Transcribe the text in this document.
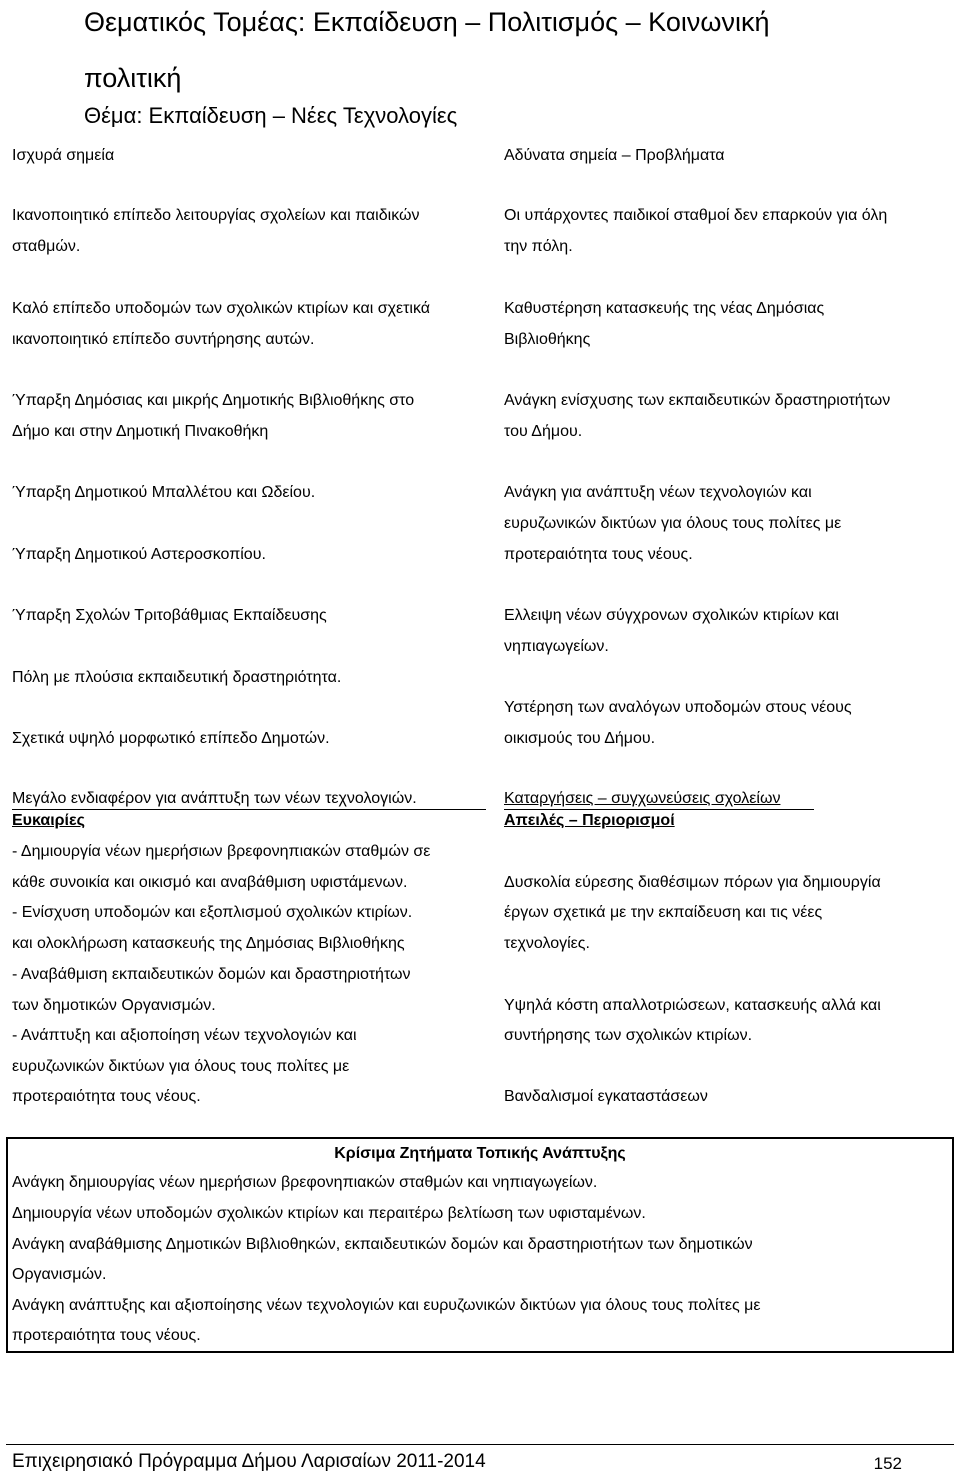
Θεματικός Τομέας: Εκπαίδευση – Πολιτισμός – Κοινωνική
πολιτική
Θέμα: Εκπαίδευση – Νέες Τεχνολογίες
Ισχυρά σημεία
Ικανοποιητικό επίπεδο λειτουργίας σχολείων και παιδικών
σταθμών.
Καλό επίπεδο υποδομών των σχολικών κτιρίων και σχετικά
ικανοποιητικό επίπεδο συντήρησης αυτών.
Ύπαρξη Δημόσιας και μικρής Δημοτικής Βιβλιοθήκης στο
Δήμο και στην Δημοτική Πινακοθήκη
Ύπαρξη Δημοτικού Μπαλλέτου και Ωδείου.
Ύπαρξη Δημοτικού Αστεροσκοπίου.
Ύπαρξη Σχολών Τριτοβάθμιας Εκπαίδευσης
Πόλη με πλούσια εκπαιδευτική δραστηριότητα.
Σχετικά υψηλό μορφωτικό επίπεδο Δημοτών.
Μεγάλο ενδιαφέρον για ανάπτυξη των νέων τεχνολογιών.
Αδύνατα σημεία – Προβλήματα
Οι υπάρχοντες παιδικοί σταθμοί δεν επαρκούν για όλη
την πόλη.
Καθυστέρηση κατασκευής της νέας Δημόσιας
Βιβλιοθήκης
Ανάγκη ενίσχυσης των εκπαιδευτικών δραστηριοτήτων
του Δήμου.
Ανάγκη για ανάπτυξη νέων τεχνολογιών και
ευρυζωνικών δικτύων για όλους τους πολίτες με
προτεραιότητα τους νέους.
Ελλειψη νέων σύγχρονων σχολικών κτιρίων και
νηπιαγωγείων.
Υστέρηση των αναλόγων υποδομών στους νέους
οικισμούς του Δήμου.
Καταργήσεις – συγχωνεύσεις σχολείων
Ευκαιρίες
- Δημιουργία νέων ημερήσιων βρεφονηπιακών σταθμών σε
κάθε συνοικία και οικισμό και αναβάθμιση υφιστάμενων.
- Ενίσχυση υποδομών και εξοπλισμού σχολικών κτιρίων.
και ολοκλήρωση κατασκευής της Δημόσιας Βιβλιοθήκης
- Αναβάθμιση εκπαιδευτικών δομών και δραστηριοτήτων
των δημοτικών Οργανισμών.
- Ανάπτυξη και αξιοποίηση νέων τεχνολογιών και
ευρυζωνικών δικτύων για όλους τους πολίτες με
προτεραιότητα τους νέους.
Απειλές – Περιορισμοί
Δυσκολία εύρεσης διαθέσιμων πόρων για δημιουργία
έργων σχετικά με την εκπαίδευση και τις νέες
τεχνολογίες.
Υψηλά κόστη απαλλοτριώσεων, κατασκευής αλλά και
συντήρησης των σχολικών κτιρίων.
Βανδαλισμοί εγκαταστάσεων
Κρίσιμα Ζητήματα Τοπικής Ανάπτυξης
Ανάγκη δημιουργίας νέων ημερήσιων βρεφονηπιακών σταθμών και νηπιαγωγείων.
Δημιουργία νέων υποδομών σχολικών κτιρίων και περαιτέρω βελτίωση των υφισταμένων.
Ανάγκη αναβάθμισης Δημοτικών Βιβλιοθηκών, εκπαιδευτικών δομών και δραστηριοτήτων των δημοτικών
Οργανισμών.
Ανάγκη ανάπτυξης και αξιοποίησης νέων τεχνολογιών και ευρυζωνικών δικτύων για όλους τους πολίτες με
προτεραιότητα τους νέους.
Επιχειρησιακό Πρόγραμμα Δήμου Λαρισαίων 2011-2014	152
